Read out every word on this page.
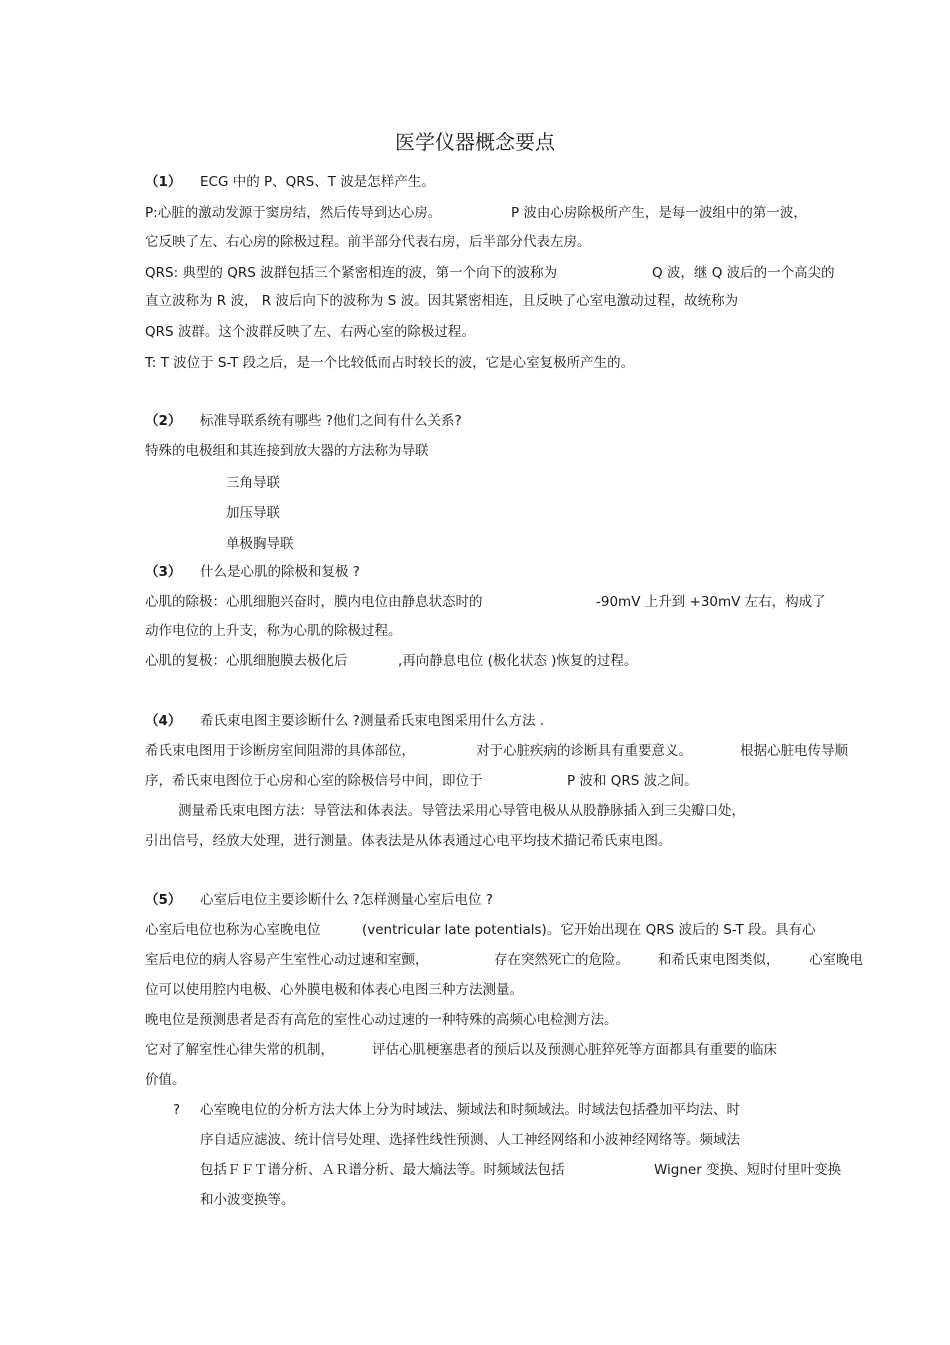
医学仪器概念要点
（1） ECG 中的 P、QRS、T 波是怎样产生。
P:心脏的激动发源于窦房结，然后传导到达心房。	P 波由心房除极所产生，是每一波组中的第一波，
它反映了左、右心房的除极过程。前半部分代表右房，后半部分代表左房。
QRS: 典型的 QRS 波群包括三个紧密相连的波，第一个向下的波称为	Q 波，继 Q 波后的一个高尖的
直立波称为 R 波， R 波后向下的波称为 S 波。因其紧密相连，且反映了心室电激动过程，故统称为
QRS 波群。这个波群反映了左、右两心室的除极过程。
T: T 波位于 S-T 段之后，是一个比较低而占时较长的波，它是心室复极所产生的。
（2） 标准导联系统有哪些 ?他们之间有什么关系?
特殊的电极组和其连接到放大器的方法称为导联
三角导联
加压导联
单极胸导联
（3） 什么是心肌的除极和复极 ?
心肌的除极：心肌细胞兴奋时，膜内电位由静息状态时的	-90mV 上升到 +30mV 左右，构成了
动作电位的上升支，称为心肌的除极过程。
心肌的复极：心肌细胞膜去极化后	,再向静息电位 (极化状态 )恢复的过程。
（4） 希氏束电图主要诊断什么 ?测量希氏束电图采用什么方法 .
希氏束电图用于诊断房室间阻滞的具体部位，	对于心脏疾病的诊断具有重要意义。	根据心脏电传导顺
序，希氏束电图位于心房和心室的除极信号中间，即位于	P 波和 QRS 波之间。
测量希氏束电图方法：导管法和体表法。导管法采用心导管电极从从股静脉插入到三尖瓣口处，
引出信号，经放大处理，进行测量。体表法是从体表通过心电平均技术描记希氏束电图。
（5） 心室后电位主要诊断什么 ?怎样测量心室后电位 ?
心室后电位也称为心室晚电位	(ventricular late potentials)。它开始出现在 QRS 波后的 S-T 段。具有心
室后电位的病人容易产生室性心动过速和室颤，	存在突然死亡的危险。 和希氏束电图类似， 心室晚电
位可以使用腔内电极、心外膜电极和体表心电图三种方法测量。
晚电位是预测患者是否有高危的室性心动过速的一种特殊的高频心电检测方法。
它对了解室性心律失常的机制，	评估心肌梗塞患者的预后以及预测心脏猝死等方面都具有重要的临床
价值。
? 心室晚电位的分析方法大体上分为时域法、频域法和时频域法。时域法包括叠加平均法、时
序自适应滤波、统计信号处理、选择性线性预测、人工神经网络和小波神经网络等。频域法
包括ＦＦＴ谱分析、ＡＲ谱分析、最大熵法等。时频域法包括	Wigner 变换、短时付里叶变换
和小波变换等。
